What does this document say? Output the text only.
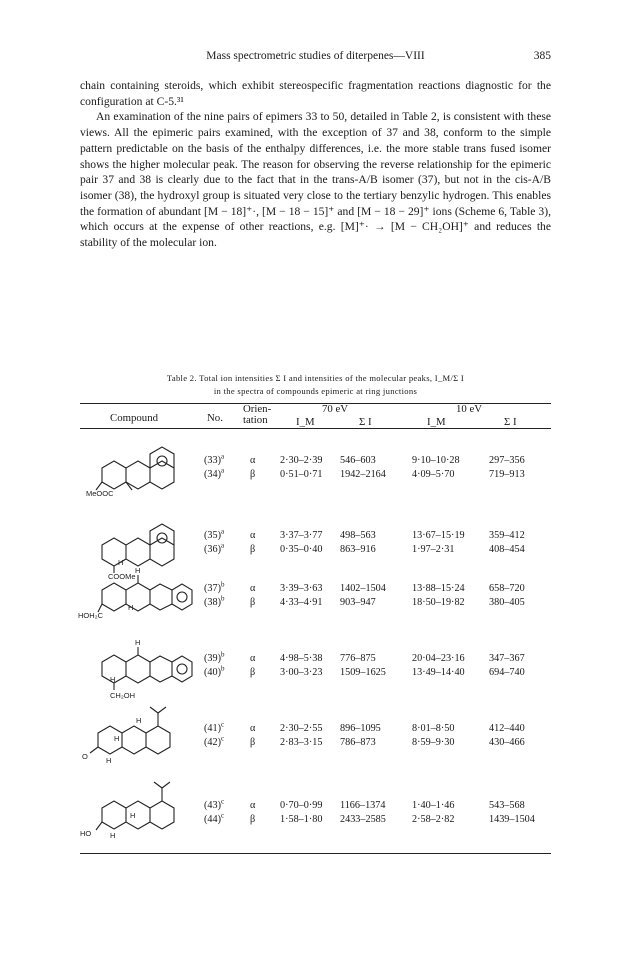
Mass spectrometric studies of diterpenes—VIII	385

chain containing steroids, which exhibit stereospecific fragmentation reactions diagnostic for the configuration at C-5.³¹

An examination of the nine pairs of epimers 33 to 50, detailed in Table 2, is consistent with these views. All the epimeric pairs examined, with the exception of 37 and 38, conform to the simple pattern predictable on the basis of the enthalpy differences, i.e. the more stable trans fused isomer shows the higher molecular peak. The reason for observing the reverse relationship for the epimeric pair 37 and 38 is clearly due to the fact that in the trans-A/B isomer (37), but not in the cis-A/B isomer (38), the hydroxyl group is situated very close to the tertiary benzylic hydrogen. This enables the formation of abundant [M − 18]⁺·, [M − 18 − 15]⁺ and [M − 18 − 29]⁺ ions (Scheme 6, Table 3), which occurs at the expense of other reactions, e.g. [M]⁺· → [M − CH₂OH]⁺ and reduces the stability of the molecular ion.

Table 2. Total ion intensities Σ I and intensities of the molecular peaks, I_M/Σ I
in the spectra of compounds epimeric at ring junctions
Compound	No.
Orien-
tation
70 eV	10 eV
I_M	Σ I	I_M	Σ I
MeOOC
H
COOMe
H
H
HOH₂C
H
H
CH₂OH
O
H
H
H
HO
H
H
$(33)^a$	α 2·30–2·39 546–603	9·10–10·28	297–356
$(34)^a$	β 0·51–0·71 1942–2164	4·09–5·70	719–913
$(35)^a$	α 3·37–3·77 498–563	13·67–15·19 359–412
$(36)^a$	β 0·35–0·40 863–916	1·97–2·31	408–454
$(37)^b$	α 3·39–3·63 1402–1504	13·88–15·24 658–720
$(38)^b$	β 4·33–4·91 903–947	18·50–19·82 380–405
$(39)^b$	α 4·98–5·38 776–875	20·04–23·16 347–367
$(40)^b$	β 3·00–3·23 1509–1625	13·49–14·40 694–740
$(41)^c$	α 2·30–2·55 896–1095	8·01–8·50	412–440
$(42)^c$	β 2·83–3·15 786–873	8·59–9·30	430–466
$(43)^c$	α 0·70–0·99 1166–1374	1·40–1·46	543–568
$(44)^c$	β 1·58–1·80 2433–2585	2·58–2·82	1439–1504
